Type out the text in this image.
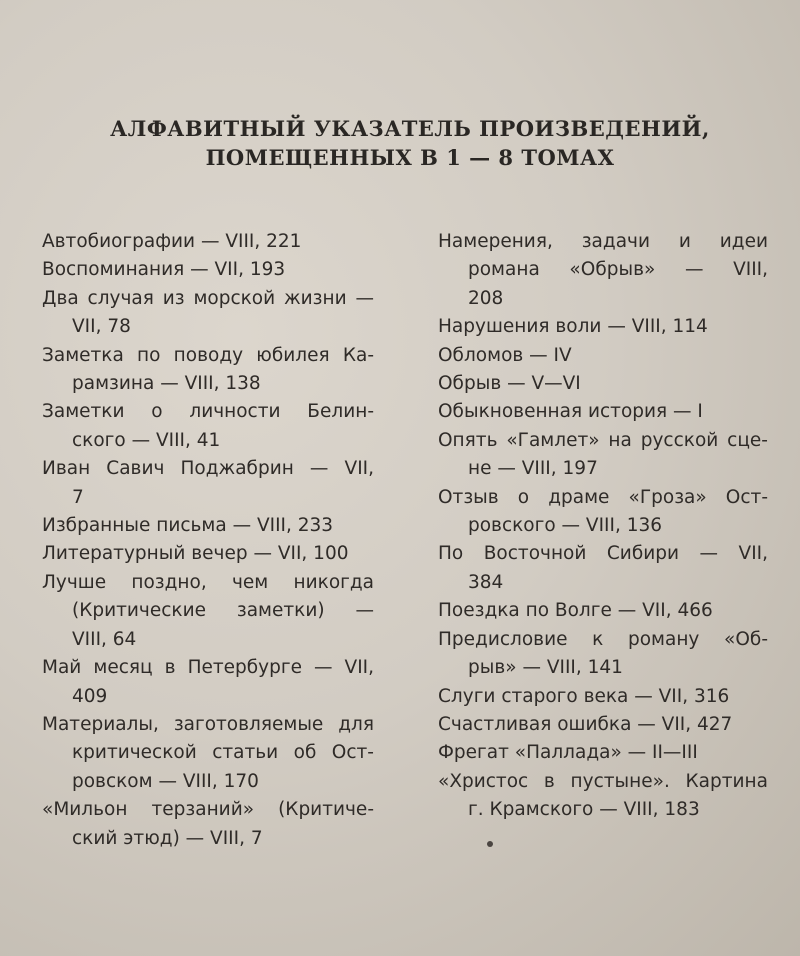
АЛФАВИТНЫЙ УКАЗАТЕЛЬ ПРОИЗВЕДЕНИЙ,
ПОМЕЩЕННЫХ В 1 — 8 ТОМАХ
Автобиографии — VIII, 221
Воспоминания — VII, 193
Два случая из морской жизни —
VII, 78
Заметка по поводу юбилея Ка-
рамзина — VIII, 138
Заметки о личности Белин-
ского — VIII, 41
Иван Савич Поджабрин — VII,
7
Избранные письма — VIII, 233
Литературный вечер — VII, 100
Лучше поздно, чем никогда
(Критические заметки) —
VIII, 64
Май месяц в Петербурге — VII,
409
Материалы, заготовляемые для
критической статьи об Ост-
ровском — VIII, 170
«Мильон терзаний» (Критиче-
ский этюд) — VIII, 7
Намерения, задачи и идеи
романа «Обрыв» — VIII,
208
Нарушения воли — VIII, 114
Обломов — IV
Обрыв — V—VI
Обыкновенная история — I
Опять «Гамлет» на русской сце-
не — VIII, 197
Отзыв о драме «Гроза» Ост-
ровского — VIII, 136
По Восточной Сибири — VII,
384
Поездка по Волге — VII, 466
Предисловие к роману «Об-
рыв» — VIII, 141
Слуги старого века — VII, 316
Счастливая ошибка — VII, 427
Фрегат «Паллада» — II—III
«Христос в пустыне». Картина
г. Крамского — VIII, 183
